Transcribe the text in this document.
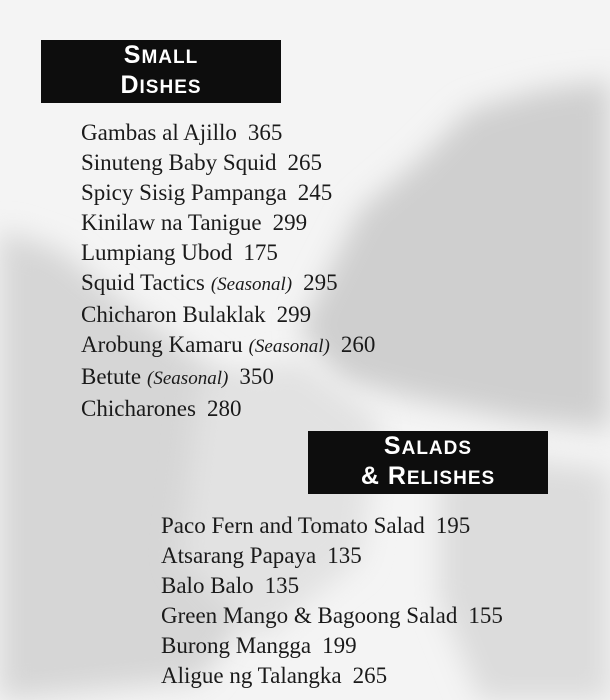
SMALL
DISHES
Gambas al Ajillo 365
Sinuteng Baby Squid 265
Spicy Sisig Pampanga 245
Kinilaw na Tanigue 299
Lumpiang Ubod 175
Squid Tactics (Seasonal) 295
Chicharon Bulaklak 299
Arobung Kamaru (Seasonal) 260
Betute (Seasonal) 350
Chicharones 280
SALADS
& RELISHES
Paco Fern and Tomato Salad 195
Atsarang Papaya 135
Balo Balo 135
Green Mango & Bagoong Salad 155
Burong Mangga 199
Aligue ng Talangka 265
